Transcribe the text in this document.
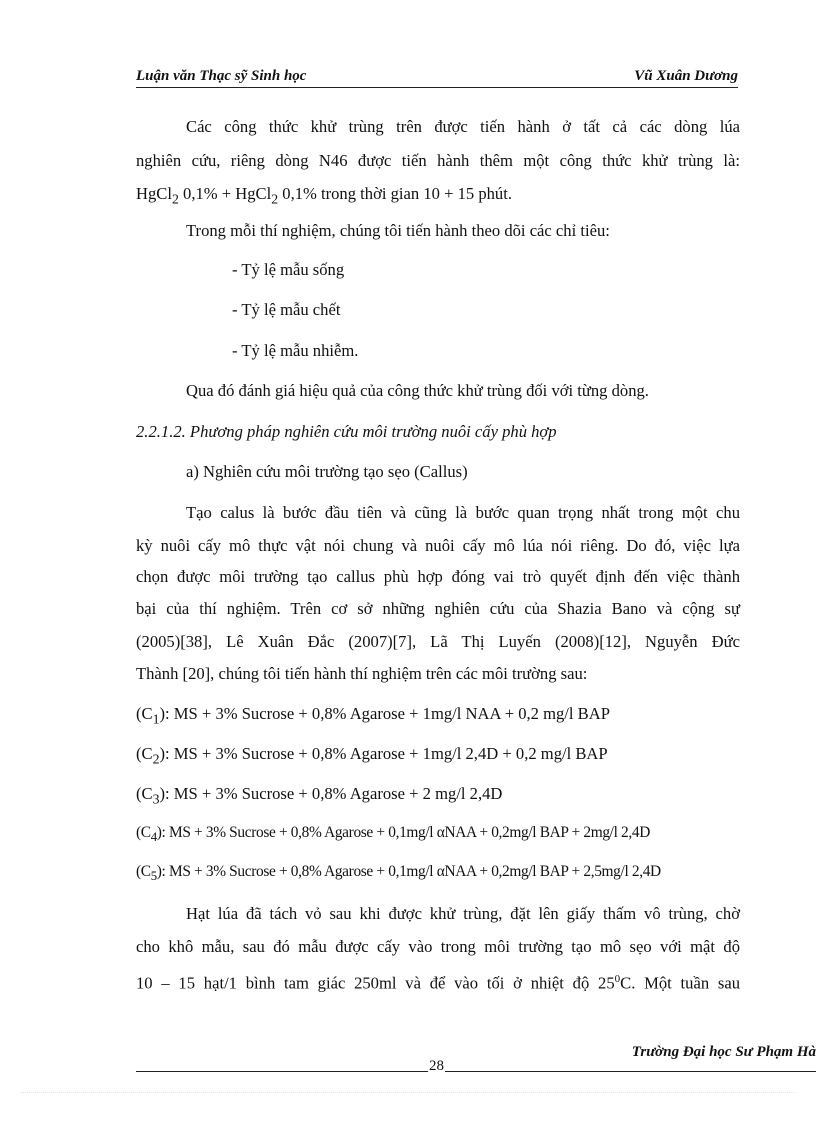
Luận văn Thạc sỹ Sinh học	Vũ Xuân Dương
Các công thức khử trùng trên được tiến hành ở tất cả các dòng lúa
nghiên cứu, riêng dòng N46 được tiến hành thêm một công thức khử trùng là:
HgCl$_2$ 0,1% + HgCl$_2$ 0,1% trong thời gian 10 + 15 phút.
Trong mỗi thí nghiệm, chúng tôi tiến hành theo dõi các chỉ tiêu:
- Tỷ lệ mẫu sống
- Tỷ lệ mẫu chết
- Tỷ lệ mẫu nhiễm.
Qua đó đánh giá hiệu quả của công thức khử trùng đối với từng dòng.
2.2.1.2. Phương pháp nghiên cứu môi trường nuôi cấy phù hợp
a) Nghiên cứu môi trường tạo sẹo (Callus)
Tạo calus là bước đầu tiên và cũng là bước quan trọng nhất trong một chu
kỳ nuôi cấy mô thực vật nói chung và nuôi cấy mô lúa nói riêng. Do đó, việc lựa
chọn được môi trường tạo callus phù hợp đóng vai trò quyết định đến việc thành
bại của thí nghiệm. Trên cơ sở những nghiên cứu của Shazia Bano và cộng sự
(2005)[38], Lê Xuân Đắc (2007)[7], Lã Thị Luyến (2008)[12], Nguyễn Đức
Thành [20], chúng tôi tiến hành thí nghiệm trên các môi trường sau:
$(C_1)$: MS + 3% Sucrose + 0,8% Agarose + 1mg/l NAA + 0,2 mg/l BAP
$(C_2)$: MS + 3% Sucrose + 0,8% Agarose + 1mg/l 2,4D + 0,2 mg/l BAP
$(C_3)$: MS + 3% Sucrose + 0,8% Agarose + 2 mg/l 2,4D
$(C_4)$: MS + 3% Sucrose + 0,8% Agarose + 0,1mg/l αNAA + 0,2mg/l BAP + 2mg/l 2,4D
$(C_5)$: MS + 3% Sucrose + 0,8% Agarose + 0,1mg/l αNAA + 0,2mg/l BAP + 2,5mg/l 2,4D
Hạt lúa đã tách vỏ sau khi được khử trùng, đặt lên giấy thấm vô trùng, chờ
cho khô mẫu, sau đó mẫu được cấy vào trong môi trường tạo mô sẹo với mật độ
10 – 15 hạt/1 bình tam giác 250ml và để vào tối ở nhiệt độ $25^0C$. Một tuần sau
Trường Đại học Sư Phạm Hà
28
